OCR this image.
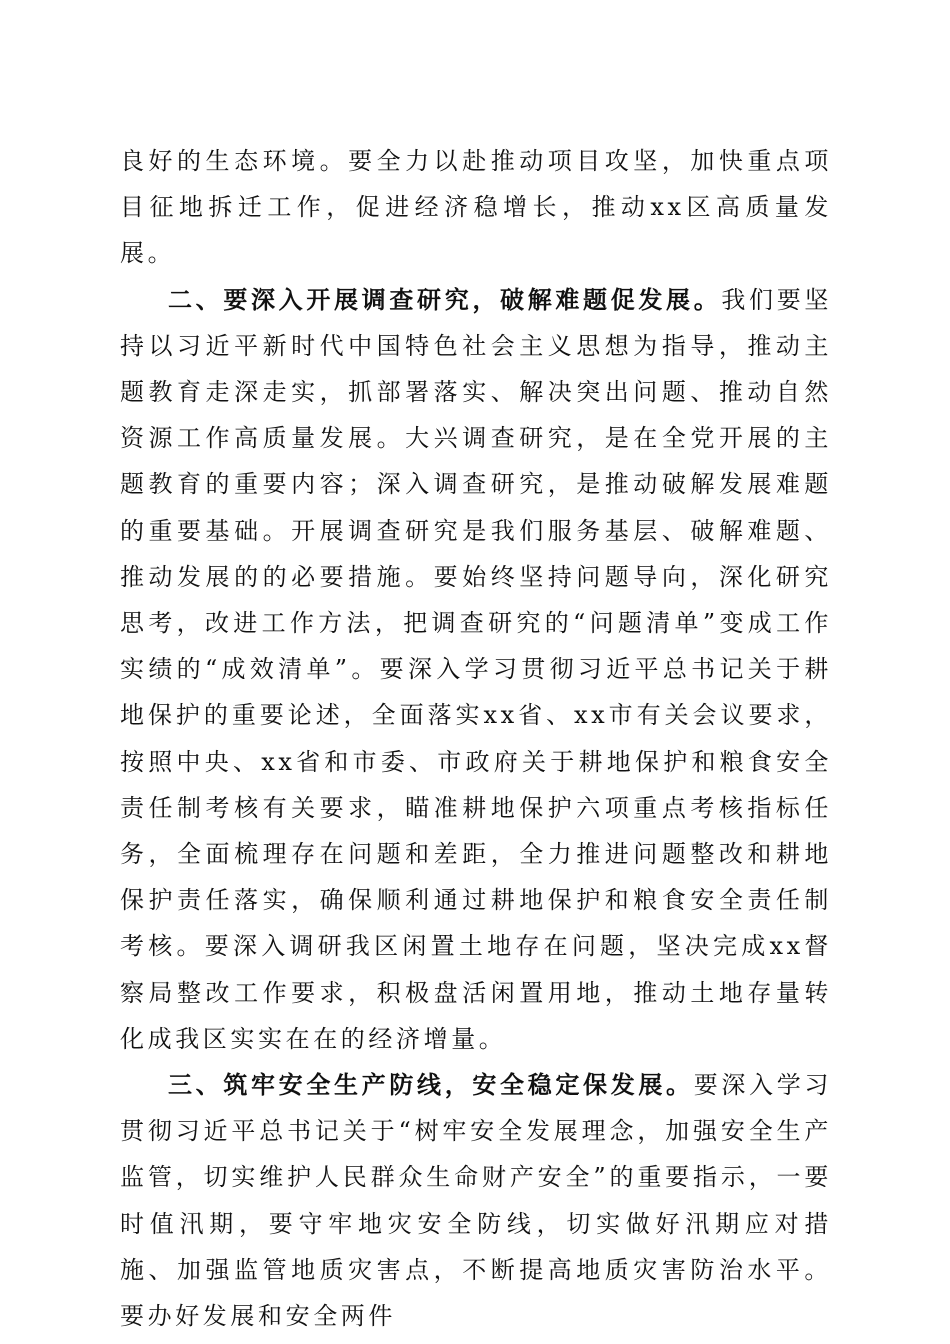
良好的生态环境。要全力以赴推动项目攻坚，加快重点项目征地拆迁工作，促进经济稳增长，推动xx区高质量发展。

二、要深入开展调查研究，破解难题促发展。我们要坚持以习近平新时代中国特色社会主义思想为指导，推动主题教育走深走实，抓部署落实、解决突出问题、推动自然资源工作高质量发展。大兴调查研究，是在全党开展的主题教育的重要内容；深入调查研究，是推动破解发展难题的重要基础。开展调查研究是我们服务基层、破解难题、推动发展的的必要措施。要始终坚持问题导向，深化研究思考，改进工作方法，把调查研究的“问题清单”变成工作实绩的“成效清单”。要深入学习贯彻习近平总书记关于耕地保护的重要论述，全面落实xx省、xx市有关会议要求，按照中央、xx省和市委、市政府关于耕地保护和粮食安全责任制考核有关要求，瞄准耕地保护六项重点考核指标任务，全面梳理存在问题和差距，全力推进问题整改和耕地保护责任落实，确保顺利通过耕地保护和粮食安全责任制考核。要深入调研我区闲置土地存在问题，坚决完成xx督察局整改工作要求，积极盘活闲置用地，推动土地存量转化成我区实实在在的经济增量。

三、筑牢安全生产防线，安全稳定保发展。要深入学习贯彻习近平总书记关于“树牢安全发展理念，加强安全生产监管，切实维护人民群众生命财产安全”的重要指示，一要时值汛期，要守牢地灾安全防线，切实做好汛期应对措施、加强监管地质灾害点，不断提高地质灾害防治水平。要办好发展和安全两件
